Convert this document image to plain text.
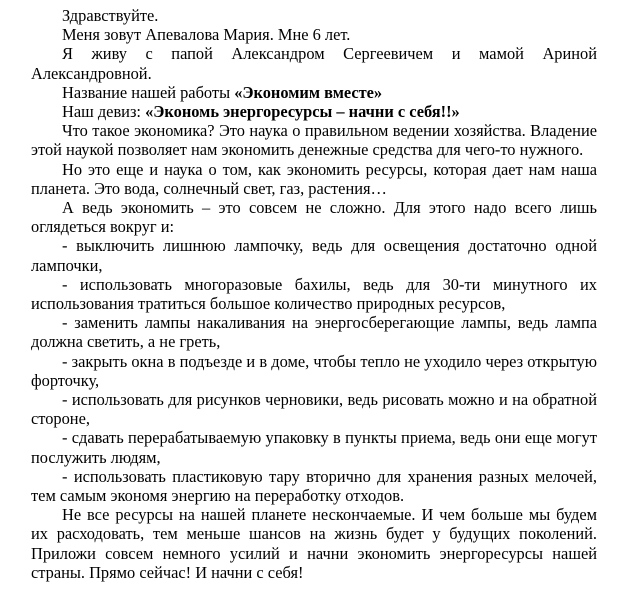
Здравствуйте.

Меня зовут Апевалова Мария. Мне 6 лет.

Я живу с папой Александром Сергеевичем и мамой Ариной Александровной.

Название нашей работы «Экономим вместе»

Наш девиз: «Экономь энергоресурсы – начни с себя!!»

Что такое экономика? Это наука о правильном ведении хозяйства. Владение этой наукой позволяет нам экономить денежные средства для чего-то нужного.

Но это еще и наука о том, как экономить ресурсы, которая дает нам наша планета. Это вода, солнечный свет, газ, растения…

А ведь экономить – это совсем не сложно. Для этого надо всего лишь оглядеться вокруг и:

- выключить лишнюю лампочку, ведь для освещения достаточно одной лампочки,

- использовать многоразовые бахилы, ведь для 30-ти минутного их использования тратиться большое количество природных ресурсов,

- заменить лампы накаливания на энергосберегающие лампы, ведь лампа должна светить, а не греть,

- закрыть окна в подъезде и в доме, чтобы тепло не уходило через открытую форточку,

- использовать для рисунков черновики, ведь рисовать можно и на обратной стороне,

- сдавать перерабатываемую упаковку в пункты приема, ведь они еще могут послужить людям,

- использовать пластиковую тару вторично для хранения разных мелочей, тем самым экономя энергию на переработку отходов.

Не все ресурсы на нашей планете нескончаемые. И чем больше мы будем их расходовать, тем меньше шансов на жизнь будет у будущих поколений. Приложи совсем немного усилий и начни экономить энергоресурсы нашей страны. Прямо сейчас! И начни с себя!
